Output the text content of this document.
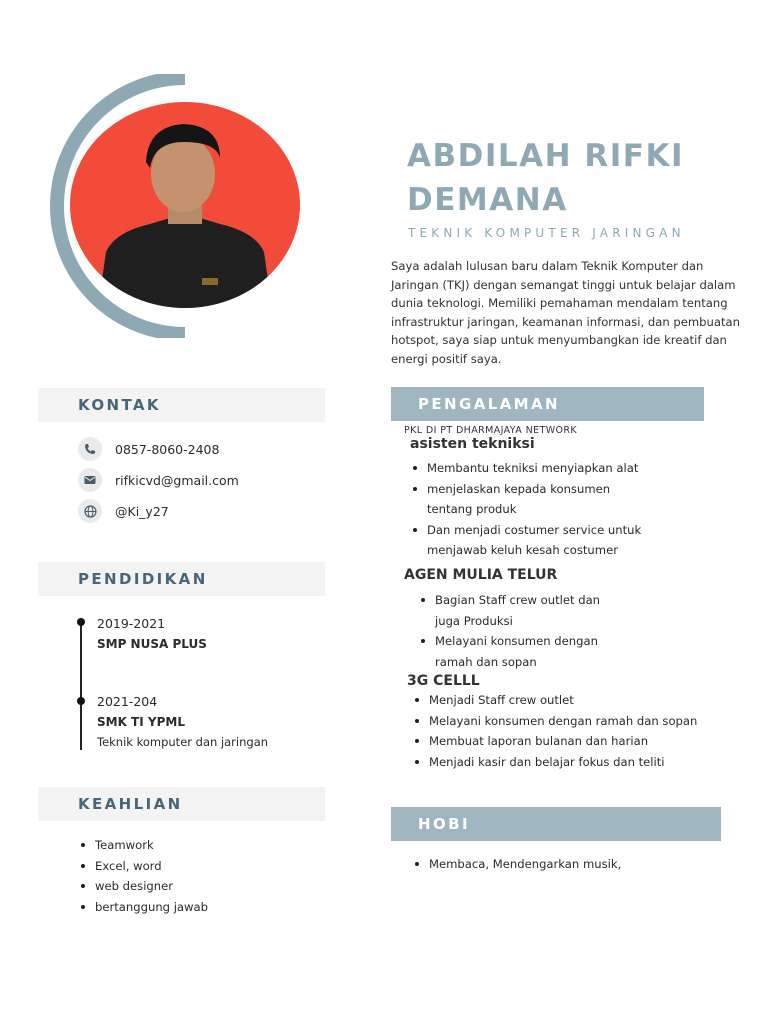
ABDILAH RIFKI
DEMANA
TEKNIK KOMPUTER JARINGAN
Saya adalah lulusan baru dalam Teknik Komputer dan Jaringan (TKJ) dengan semangat tinggi untuk belajar dalam dunia teknologi. Memiliki pemahaman mendalam tentang infrastruktur jaringan, keamanan informasi, dan pembuatan hotspot, saya siap untuk menyumbangkan ide kreatif dan energi positif saya.
KONTAK
0857-8060-2408
rifkicvd@gmail.com
@Ki_y27
PENDIDIKAN
2019-2021
SMP NUSA PLUS
2021-204
SMK TI YPML
Teknik komputer dan jaringan
KEAHLIAN
Teamwork
Excel, word
web designer
bertanggung jawab
PENGALAMAN
PKL DI PT DHARMAJAYA NETWORK
asisten tekniksi
Membantu tekniksi menyiapkan alat
menjelaskan kepada konsumen tentang produk
Dan menjadi costumer service untuk menjawab keluh kesah costumer
AGEN MULIA TELUR
Bagian Staff crew outlet dan juga Produksi
Melayani konsumen dengan ramah dan sopan
3G CELLL
Menjadi Staff crew outlet
Melayani konsumen dengan ramah dan sopan
Membuat laporan bulanan dan harian
Menjadi kasir dan belajar fokus dan teliti
HOBI
Membaca, Mendengarkan musik,
